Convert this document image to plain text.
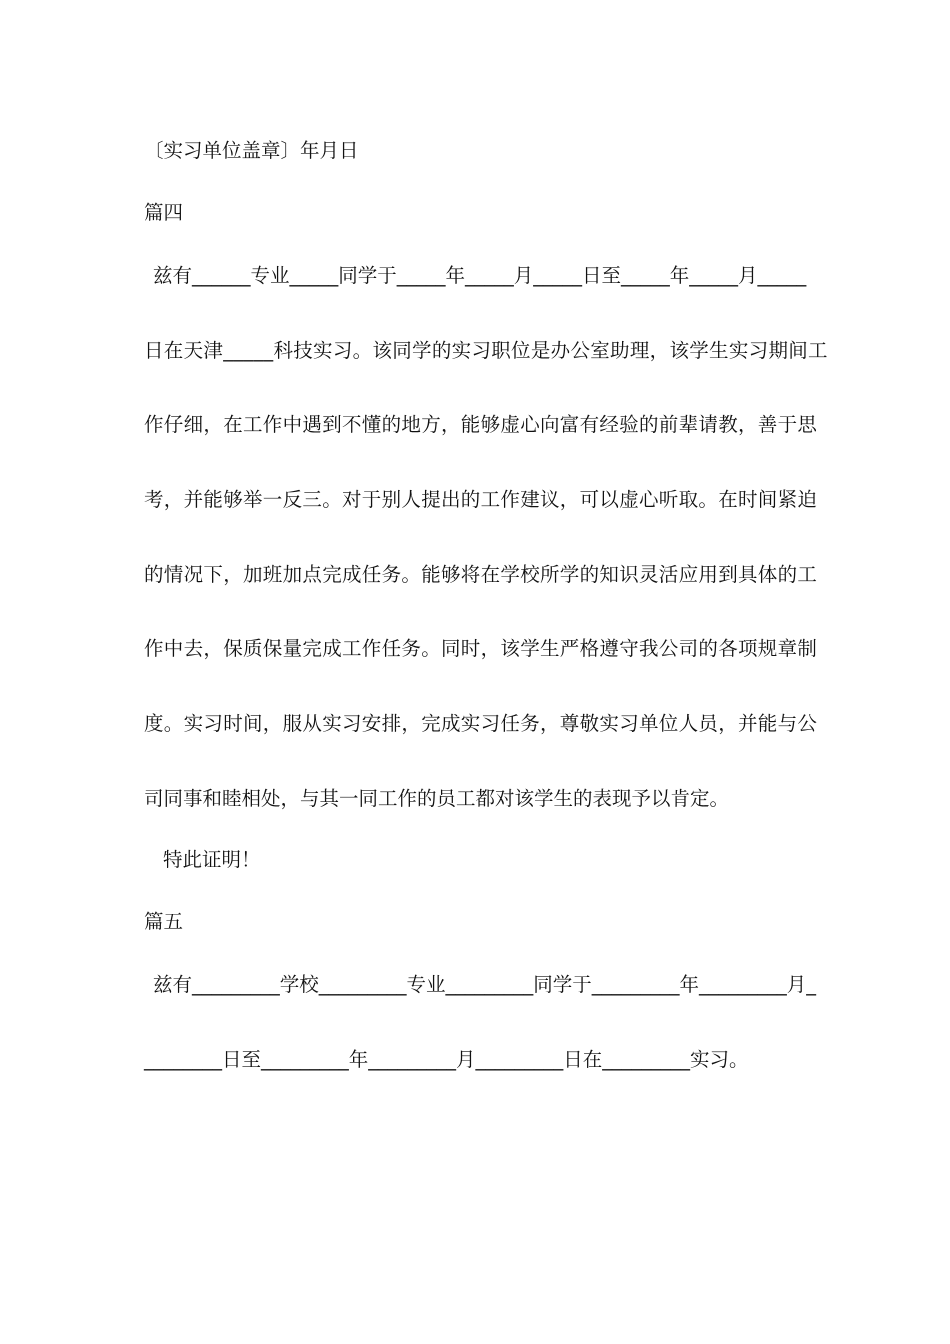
〔实习单位盖章〕年月日
篇四
兹有______专业_____同学于_____年_____月_____日至_____年_____月_____
日在天津_____科技实习。该同学的实习职位是办公室助理，该学生实习期间工
作仔细，在工作中遇到不懂的地方，能够虚心向富有经验的前辈请教，善于思
考，并能够举一反三。对于别人提出的工作建议，可以虚心听取。在时间紧迫
的情况下，加班加点完成任务。能够将在学校所学的知识灵活应用到具体的工
作中去，保质保量完成工作任务。同时，该学生严格遵守我公司的各项规章制
度。实习时间，服从实习安排，完成实习任务，尊敬实习单位人员，并能与公
司同事和睦相处，与其一同工作的员工都对该学生的表现予以肯定。
特此证明！
篇五
兹有_________学校_________专业_________同学于_________年_________月_
________日至_________年_________月_________日在_________实习。
